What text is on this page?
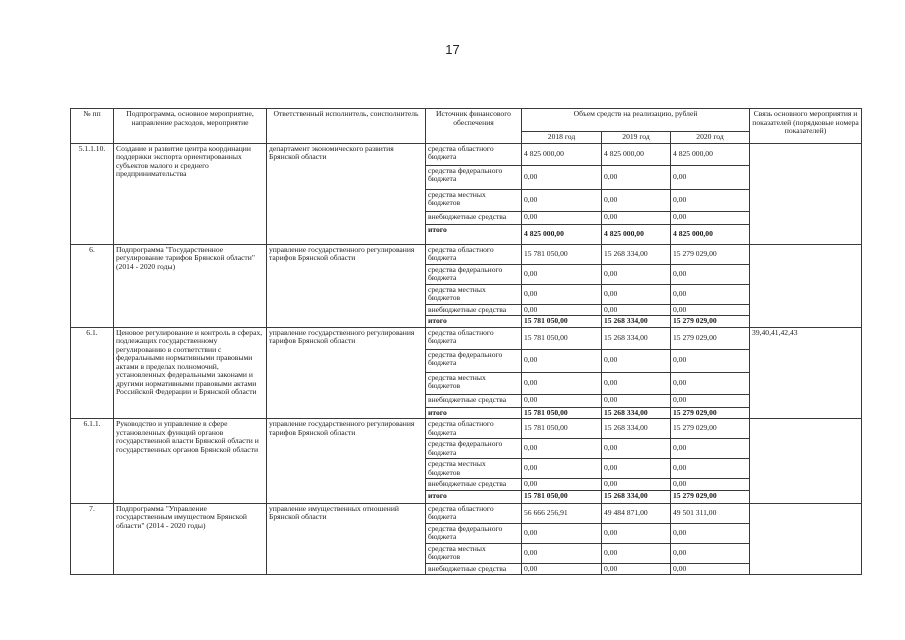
17
№ пп	Подпрограмма, основное мероприятие, направление расходов, мероприятие	Ответственный исполнитель, соисполнитель	Источник финансового обеспечения	Объем средств на реализацию, рублей			Связь основного мероприятия и показателей (порядковые номера показателей)
				2018 год	2019 год	2020 год	
5.1.1.10.	Создание и развитие центра координации поддержки экспорта ориентированных субъектов малого и среднего предпринимательства	департамент экономического развития Брянской области	средства областного бюджета	4 825 000,00	4 825 000,00	4 825 000,00	
			средства федерального бюджета	0,00	0,00	0,00	
			средства местных бюджетов	0,00	0,00	0,00	
			внебюджетные средства	0,00	0,00	0,00	
			итого	4 825 000,00	4 825 000,00	4 825 000,00	
6.	Подпрограмма "Государственное регулирование тарифов Брянской области" (2014 - 2020 годы)	управление государственного регулирования тарифов Брянской области	средства областного бюджета	15 781 050,00	15 268 334,00	15 279 029,00	
			средства федерального бюджета	0,00	0,00	0,00	
			средства местных бюджетов	0,00	0,00	0,00	
			внебюджетные средства	0,00	0,00	0,00	
			итого	15 781 050,00	15 268 334,00	15 279 029,00	
6.1.	Ценовое регулирование и контроль в сферах, подлежащих государственному регулированию в соответствии с федеральными нормативными правовыми актами в пределах полномочий, установленных федеральными законами и другими нормативными правовыми актами Российской Федерации и Брянской области	управление государственного регулирования тарифов Брянской области	средства областного бюджета	15 781 050,00	15 268 334,00	15 279 029,00	39,40,41,42,43
			средства федерального бюджета	0,00	0,00	0,00	
			средства местных бюджетов	0,00	0,00	0,00	
			внебюджетные средства	0,00	0,00	0,00	
			итого	15 781 050,00	15 268 334,00	15 279 029,00	
6.1.1.	Руководство и управление в сфере установленных функций органов государственной власти Брянской области и государственных органов Брянской области	управление государственного регулирования тарифов Брянской области	средства областного бюджета	15 781 050,00	15 268 334,00	15 279 029,00	
			средства федерального бюджета	0,00	0,00	0,00	
			средства местных бюджетов	0,00	0,00	0,00	
			внебюджетные средства	0,00	0,00	0,00	
			итого	15 781 050,00	15 268 334,00	15 279 029,00	
7.	Подпрограмма "Управление государственным имуществом Брянской области" (2014 - 2020 годы)	управление имущественных отношений Брянской области	средства областного бюджета	56 666 256,91	49 484 871,00	49 501 311,00	
			средства федерального бюджета	0,00	0,00	0,00	
			средства местных бюджетов	0,00	0,00	0,00	
			внебюджетные средства	0,00	0,00	0,00	
